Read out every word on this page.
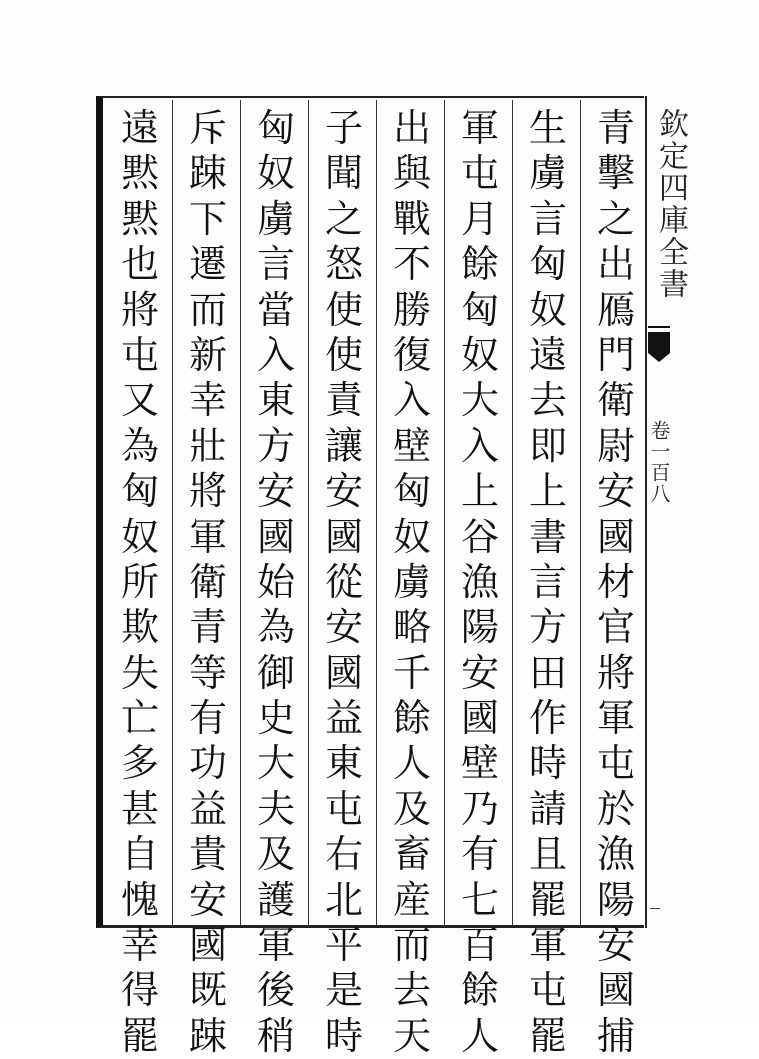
青
擊
之
出
鴈
門
衛
尉
安
國
材
官
將
軍
屯
於
漁
陽
安
國
捕
生
虜
言
匈
奴
遠
去
即
上
書
言
方
田
作
時
請
且
罷
軍
屯
罷
軍
屯
月
餘
匈
奴
大
入
上
谷
漁
陽
安
國
壁
乃
有
七
百
餘
人
出
與
戰
不
勝
復
入
壁
匈
奴
虜
略
千
餘
人
及
畜
産
而
去
天
子
聞
之
怒
使
使
責
讓
安
國
從
安
國
益
東
屯
右
北
平
是
時
匈
奴
虜
言
當
入
東
方
安
國
始
為
御
史
大
夫
及
護
軍
後
稍
斥
踈
下
遷
而
新
幸
壯
將
軍
衛
青
等
有
功
益
貴
安
國
既
踈
遠
黙
黙
也
將
屯
又
為
匈
奴
所
欺
失
亡
多
甚
自
愧
幸
得
罷
欽定四庫全書
卷一百八
